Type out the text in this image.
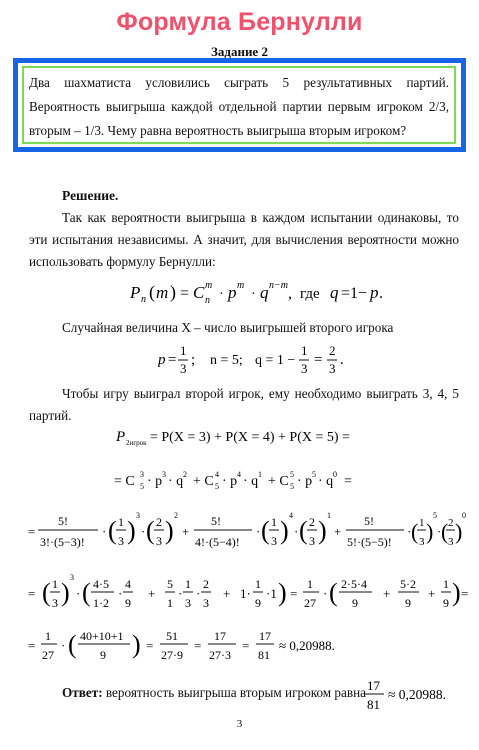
Формула Бернулли
Задание 2
Два шахматиста условились сыграть 5 результативных партий. Вероятность выигрыша каждой отдельной партии первым игроком 2/3, вторым – 1/3. Чему равна вероятность выигрыша вторым игроком?
Решение.
Так как вероятности выигрыша в каждом испытании одинаковы, то эти испытания независимы. А значит, для вычисления вероятности можно использовать формулу Бернулли:
P n ( m ) = C m
n · p m
· q n−m , где q =1− p .
Случайная величина X – число выигрышей второго игрока
p =
1
3
; n = 5; q = 1 −
1
3
=
2
3
.
Чтобы игру выиграл второй игрок, ему необходимо выиграть 3, 4, 5 партий.
P 2игрок = P(X = 3) + P(X = 4) + P(X = 5) =
= C 3
5 · p 3 · q 2 + C 4
5 · p 4 · q 1 + C 5
5 · p 5 · q 0 =
=
5!
3!·(5−3)!
· ( 1
3 )
3
· ( 2
3 )
2
+
5!
4!·(5−4)!
· ( 1
3 )
4
· ( 2
3 )
1
+
5!
5!·(5−5)!
· ( 1
3 )
5
· ( 2
3 )
0
= ( 1
3 )
3
· ( 4·5
1·2
·
4
9
+
5
1
·
1
3
·
2
3
+ 1·
1
9
·1 ) =
1
27
· ( 2·5·4
9
+
5·2
9
+
1
9 ) =
=
1
27
· ( 40+10+1
9 ) =
51
27·9
=
17
27·3
=
17
81
≈ 0,20988.
Ответ: вероятность выигрыша вторым игроком равна 17
81
≈ 0,20988.
3
